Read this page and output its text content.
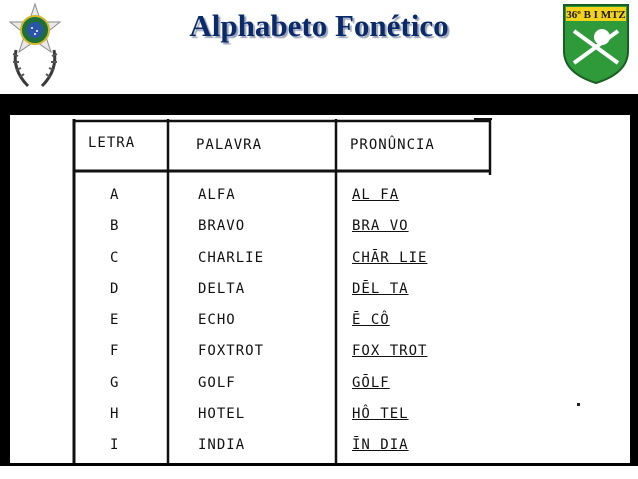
Alphabeto Fonético	36º B I MTZ
LETRA	PALAVRA	PRONÛNCIA
A	ALFA	AL FA
B	BRAVO	BRA VO
C	CHARLIE	CHĀR LIE
D	DELTA	DĒL TA
E	ECHO	Ē CÔ
F	FOXTROT	FOX TROT
G	GOLF	GŌLF
H	HOTEL	HÔ TEL
I	INDIA	ĪN DIA
